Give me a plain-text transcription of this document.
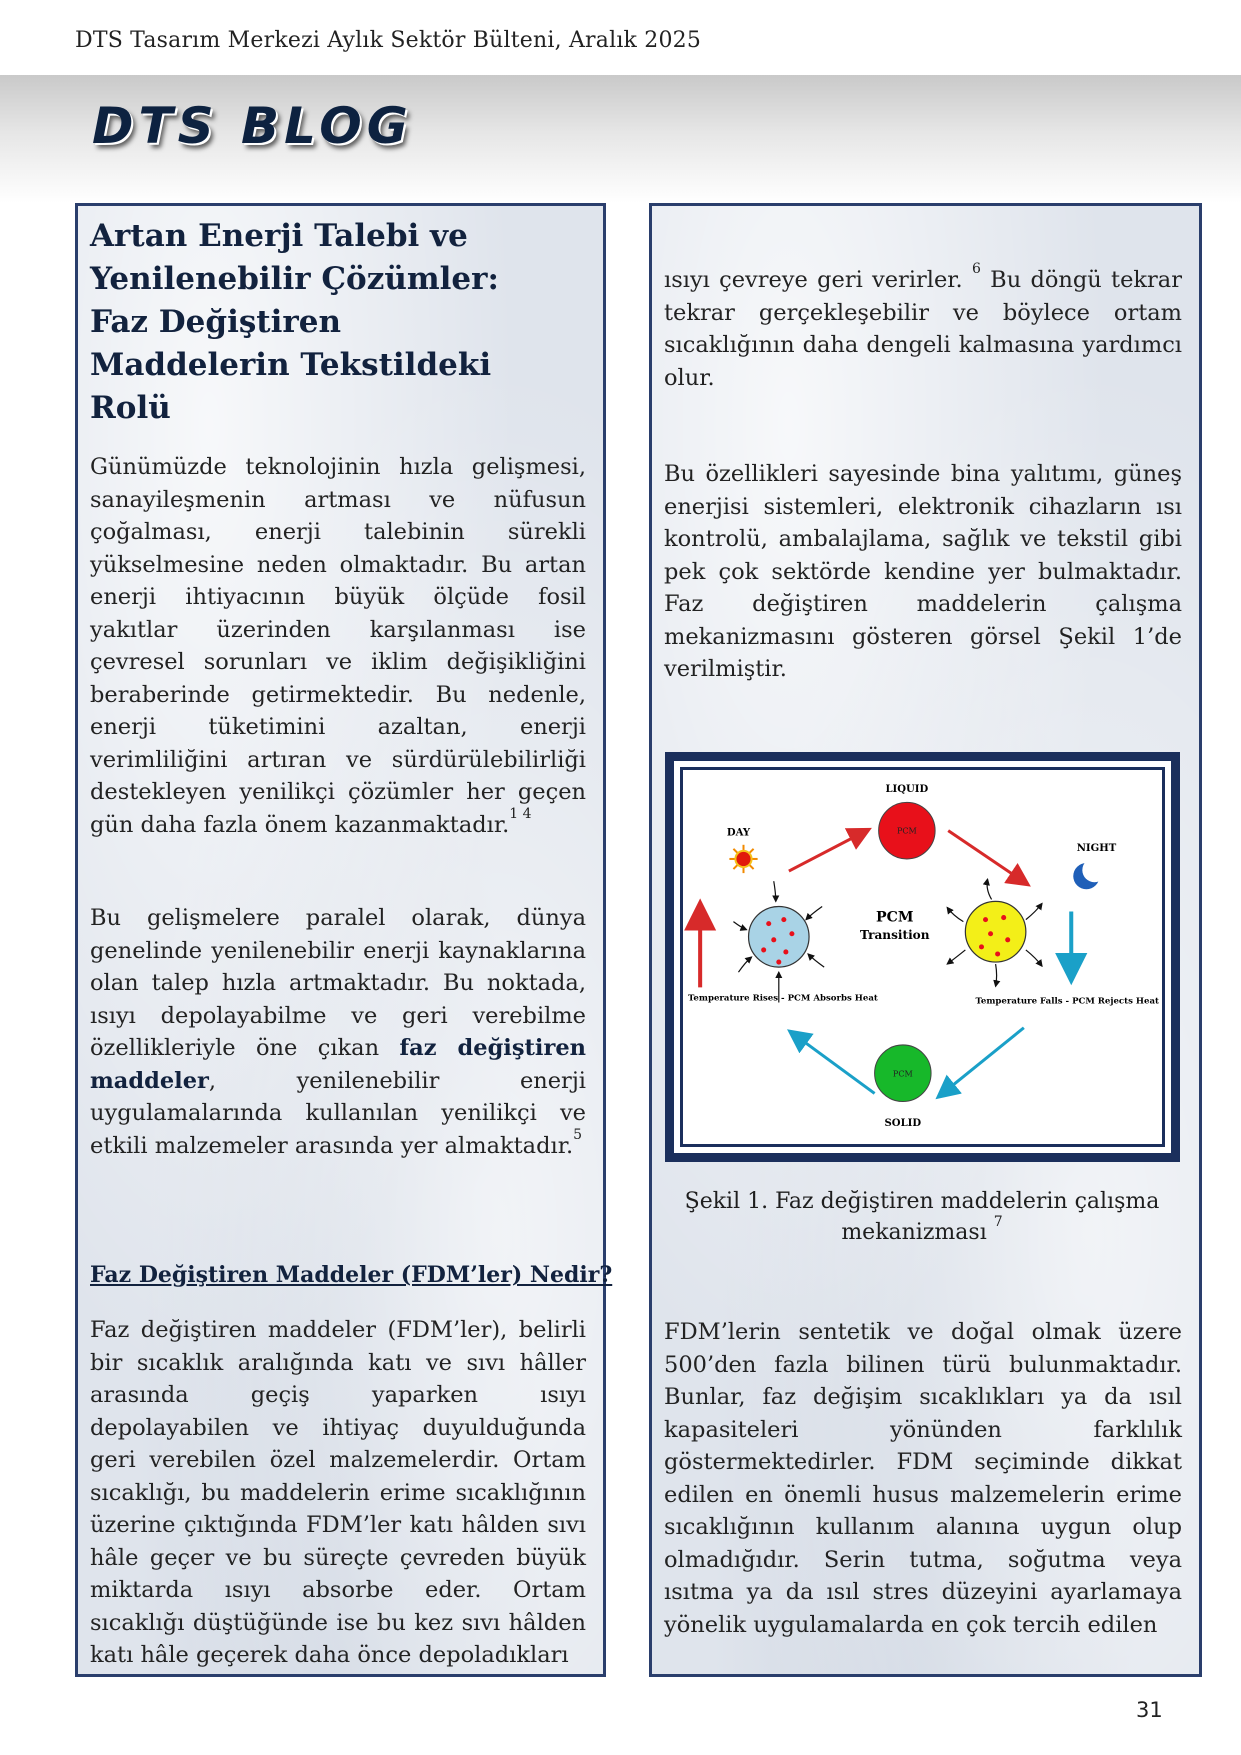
DTS Tasarım Merkezi Aylık Sektör Bülteni, Aralık 2025
DTS BLOG
Artan Enerji Talebi ve Yenilenebilir Çözümler: Faz Değiştiren Maddelerin Tekstildeki Rolü
Günümüzde teknolojinin hızla gelişmesi, sanayileşmenin artması ve nüfusun çoğalması, enerji talebinin sürekli yükselmesine neden olmaktadır. Bu artan enerji ihtiyacının büyük ölçüde fosil yakıtlar üzerinden karşılanması ise çevresel sorunları ve iklim değişikliğini beraberinde getirmektedir. Bu nedenle, enerji tüketimini azaltan, enerji verimliliğini artıran ve sürdürülebilirliği destekleyen yenilikçi çözümler her geçen gün daha fazla önem kazanmaktadır.$^{1 4}$
Bu gelişmelere paralel olarak, dünya genelinde yenilenebilir enerji kaynaklarına olan talep hızla artmaktadır. Bu noktada, ısıyı depolayabilme ve geri verebilme özellikleriyle öne çıkan faz değiştiren maddeler, yenilenebilir enerji uygulamalarında kullanılan yenilikçi ve etkili malzemeler arasında yer almaktadır.$^5$
Faz Değiştiren Maddeler (FDM’ler) Nedir?
Faz değiştiren maddeler (FDM’ler), belirli bir sıcaklık aralığında katı ve sıvı hâller arasında geçiş yaparken ısıyı depolayabilen ve ihtiyaç duyulduğunda geri verebilen özel malzemelerdir. Ortam sıcaklığı, bu maddelerin erime sıcaklığının üzerine çıktığında FDM’ler katı hâlden sıvı hâle geçer ve bu süreçte çevreden büyük miktarda ısıyı absorbe eder. Ortam sıcaklığı düştüğünde ise bu kez sıvı hâlden katı hâle geçerek daha önce depoladıkları
ısıyı çevreye geri verirler. $^6$ Bu döngü tekrar tekrar gerçekleşebilir ve böylece ortam sıcaklığının daha dengeli kalmasına yardımcı olur.
Bu özellikleri sayesinde bina yalıtımı, güneş enerjisi sistemleri, elektronik cihazların ısı kontrolü, ambalajlama, sağlık ve tekstil gibi pek çok sektörde kendine yer bulmaktadır. Faz değiştiren maddelerin çalışma mekanizmasını gösteren görsel Şekil 1’de verilmiştir.
LIQUID
PCM
DAY
NIGHT
PCM
Transition
Temperature Rises - PCM Absorbs Heat	Temperature Falls - PCM Rejects Heat
PCM
SOLID
Şekil 1. Faz değiştiren maddelerin çalışma mekanizması $^7$
FDM’lerin sentetik ve doğal olmak üzere 500’den fazla bilinen türü bulunmaktadır. Bunlar, faz değişim sıcaklıkları ya da ısıl kapasiteleri yönünden farklılık göstermektedirler. FDM seçiminde dikkat edilen en önemli husus malzemelerin erime sıcaklığının kullanım alanına uygun olup olmadığıdır. Serin tutma, soğutma veya ısıtma ya da ısıl stres düzeyini ayarlamaya yönelik uygulamalarda en çok tercih edilen
31
